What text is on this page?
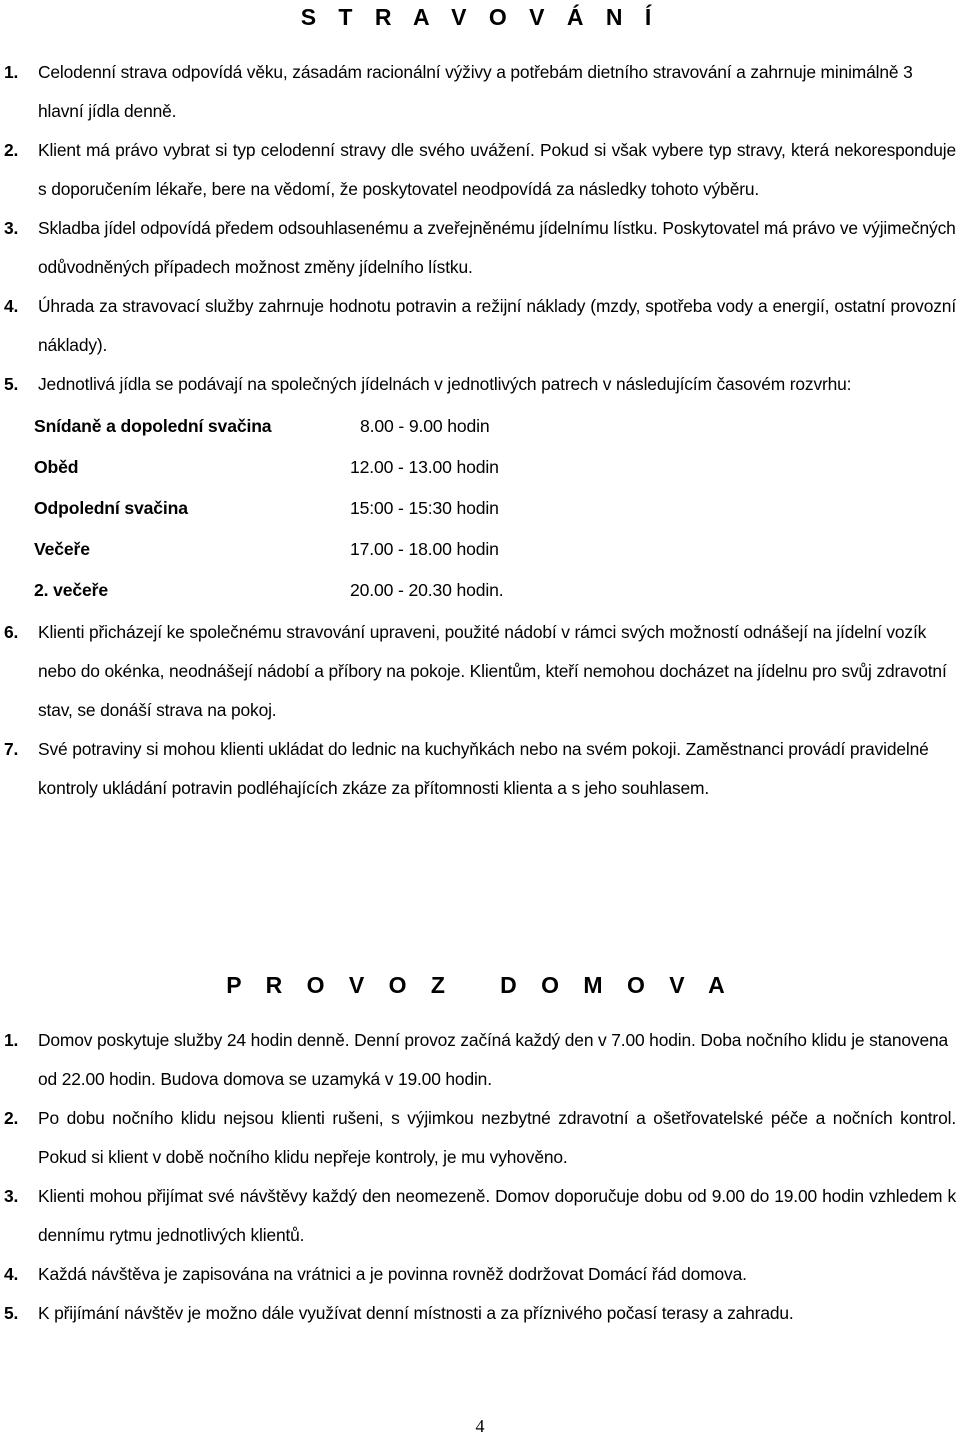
S T R A V O V Á N Í
1. Celodenní strava odpovídá věku, zásadám racionální výživy a potřebám dietního stravování a zahrnuje minimálně 3 hlavní jídla denně.
2. Klient má právo vybrat si typ celodenní stravy dle svého uvážení. Pokud si však vybere typ stravy, která nekoresponduje s doporučením lékaře, bere na vědomí, že poskytovatel neodpovídá za následky tohoto výběru.
3. Skladba jídel odpovídá předem odsouhlasenému a zveřejněnému jídelnímu lístku. Poskytovatel má právo ve výjimečných odůvodněných případech možnost změny jídelního lístku.
4. Úhrada za stravovací služby zahrnuje hodnotu potravin a režijní náklady (mzdy, spotřeba vody a energií, ostatní provozní náklady).
5. Jednotlivá jídla se podávají na společných jídelnách v jednotlivých patrech v následujícím časovém rozvrhu:
Snídaně a dopolední svačina	8.00 - 9.00 hodin
Oběd	12.00 - 13.00 hodin
Odpolední svačina	15:00 - 15:30 hodin
Večeře	17.00 - 18.00 hodin
2. večeře	20.00 - 20.30 hodin.
6. Klienti přicházejí ke společnému stravování upraveni, použité nádobí v rámci svých možností odnášejí na jídelní vozík nebo do okénka, neodnášejí nádobí a příbory na pokoje. Klientům, kteří nemohou docházet na jídelnu pro svůj zdravotní stav, se donáší strava na pokoj.
7. Své potraviny si mohou klienti ukládat do lednic na kuchyňkách nebo na svém pokoji. Zaměstnanci provádí pravidelné kontroly ukládání potravin podléhajících zkáze za přítomnosti klienta a s jeho souhlasem.
P R O V O Z   D O M O V A
1. Domov poskytuje služby 24 hodin denně. Denní provoz začíná každý den v 7.00 hodin. Doba nočního klidu je stanovena od 22.00 hodin. Budova domova se uzamyká v 19.00 hodin.
2. Po dobu nočního klidu nejsou klienti rušeni, s výjimkou nezbytné zdravotní a ošetřovatelské péče a nočních kontrol. Pokud si klient v době nočního klidu nepřeje kontroly, je mu vyhověno.
3. Klienti mohou přijímat své návštěvy každý den neomezeně. Domov doporučuje dobu od 9.00 do 19.00 hodin vzhledem k dennímu rytmu jednotlivých klientů.
4. Každá návštěva je zapisována na vrátnici a je povinna rovněž dodržovat Domácí řád domova.
5. K přijímání návštěv je možno dále využívat denní místnosti a za příznivého počasí terasy a zahradu.
4
